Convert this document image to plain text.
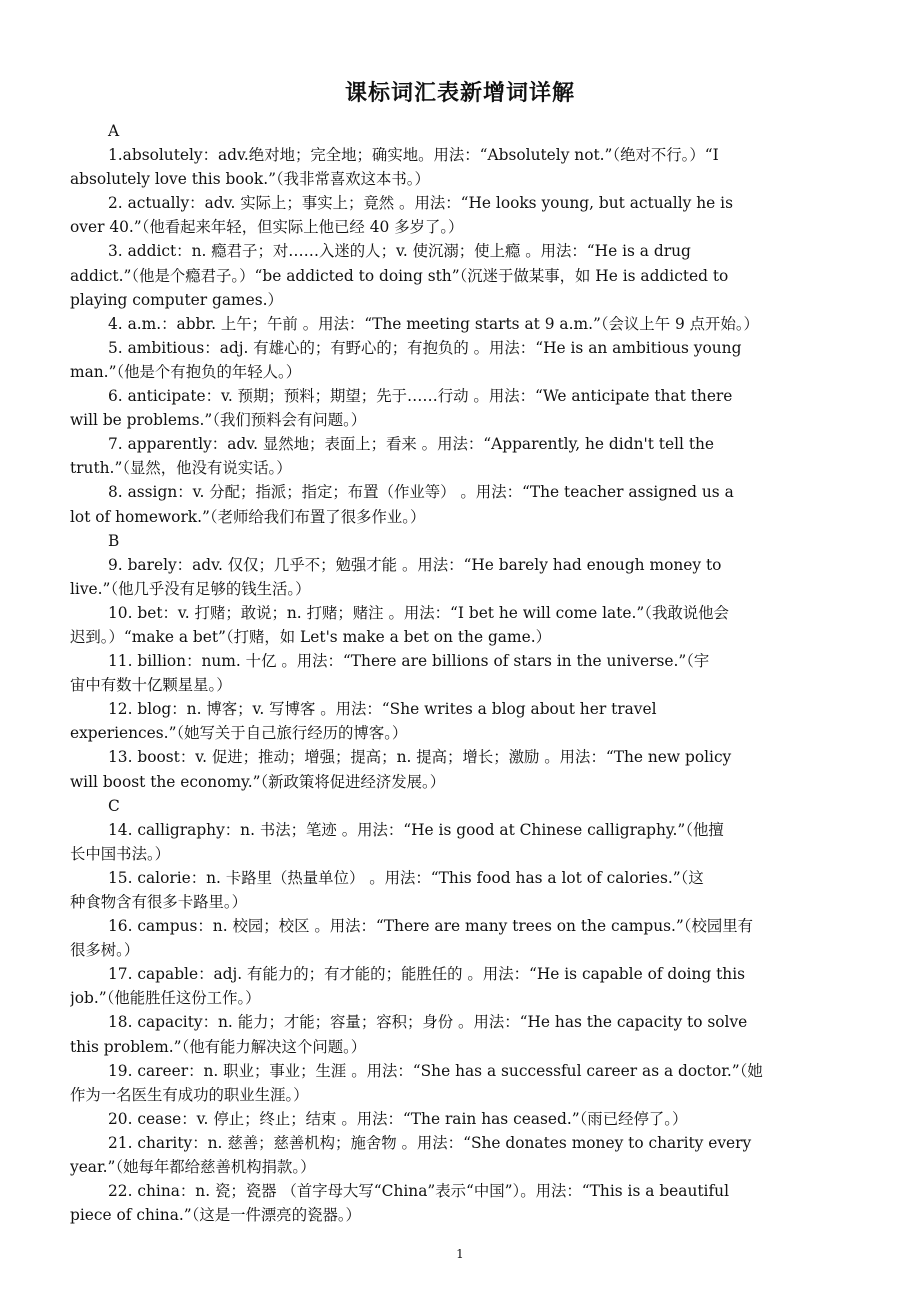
课标词汇表新增词详解
A
1.absolutely：adv.绝对地；完全地；确实地。用法：“Absolutely not.”（绝对不行。）“I
absolutely love this book.”（我非常喜欢这本书。）
2. actually：adv. 实际上；事实上；竟然 。用法：“He looks young, but actually he is
over 40.”（他看起来年轻，但实际上他已经 40 多岁了。）
3. addict：n. 瘾君子；对……入迷的人；v. 使沉溺；使上瘾 。用法：“He is a drug
addict.”（他是个瘾君子。）“be addicted to doing sth”（沉迷于做某事，如 He is addicted to
playing computer games.）
4. a.m.：abbr. 上午；午前 。用法：“The meeting starts at 9 a.m.”（会议上午 9 点开始。）
5. ambitious：adj. 有雄心的；有野心的；有抱负的 。用法：“He is an ambitious young
man.”（他是个有抱负的年轻人。）
6. anticipate：v. 预期；预料；期望；先于……行动 。用法：“We anticipate that there
will be problems.”（我们预料会有问题。）
7. apparently：adv. 显然地；表面上；看来 。用法：“Apparently, he didn't tell the
truth.”（显然，他没有说实话。）
8. assign：v. 分配；指派；指定；布置（作业等） 。用法：“The teacher assigned us a
lot of homework.”（老师给我们布置了很多作业。）
B
9. barely：adv. 仅仅；几乎不；勉强才能 。用法：“He barely had enough money to
live.”（他几乎没有足够的钱生活。）
10. bet：v. 打赌；敢说；n. 打赌；赌注 。用法：“I bet he will come late.”（我敢说他会
迟到。）“make a bet”（打赌，如 Let's make a bet on the game.）
11. billion：num. 十亿 。用法：“There are billions of stars in the universe.”（宇
宙中有数十亿颗星星。）
12. blog：n. 博客；v. 写博客 。用法：“She writes a blog about her travel
experiences.”（她写关于自己旅行经历的博客。）
13. boost：v. 促进；推动；增强；提高；n. 提高；增长；激励 。用法：“The new policy
will boost the economy.”（新政策将促进经济发展。）
C
14. calligraphy：n. 书法；笔迹 。用法：“He is good at Chinese calligraphy.”（他擅
长中国书法。）
15. calorie：n. 卡路里（热量单位） 。用法：“This food has a lot of calories.”（这
种食物含有很多卡路里。）
16. campus：n. 校园；校区 。用法：“There are many trees on the campus.”（校园里有
很多树。）
17. capable：adj. 有能力的；有才能的；能胜任的 。用法：“He is capable of doing this
job.”（他能胜任这份工作。）
18. capacity：n. 能力；才能；容量；容积；身份 。用法：“He has the capacity to solve
this problem.”（他有能力解决这个问题。）
19. career：n. 职业；事业；生涯 。用法：“She has a successful career as a doctor.”（她
作为一名医生有成功的职业生涯。）
20. cease：v. 停止；终止；结束 。用法：“The rain has ceased.”（雨已经停了。）
21. charity：n. 慈善；慈善机构；施舍物 。用法：“She donates money to charity every
year.”（她每年都给慈善机构捐款。）
22. china：n. 瓷；瓷器 （首字母大写“China”表示“中国”）。用法：“This is a beautiful
piece of china.”（这是一件漂亮的瓷器。）
1
